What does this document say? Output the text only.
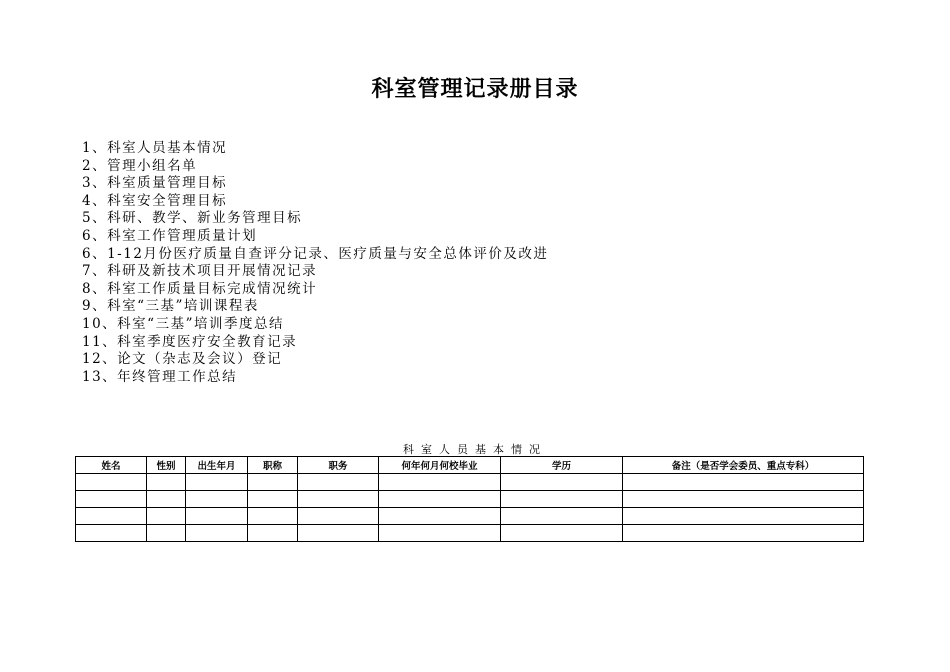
科室管理记录册目录
1、科室人员基本情况
2、管理小组名单
3、科室质量管理目标
4、科室安全管理目标
5、科研、教学、新业务管理目标
6、科室工作管理质量计划
6、1-12月份医疗质量自查评分记录、医疗质量与安全总体评价及改进
7、科研及新技术项目开展情况记录
8、科室工作质量目标完成情况统计
9、科室“三基”培训课程表
10、科室“三基”培训季度总结
11、科室季度医疗安全教育记录
12、论文（杂志及会议）登记
13、年终管理工作总结
科室人员基本情况
姓名	性别	出生年月	职称	职务	何年何月何校毕业	学历	备注（是否学会委员、重点专科）
